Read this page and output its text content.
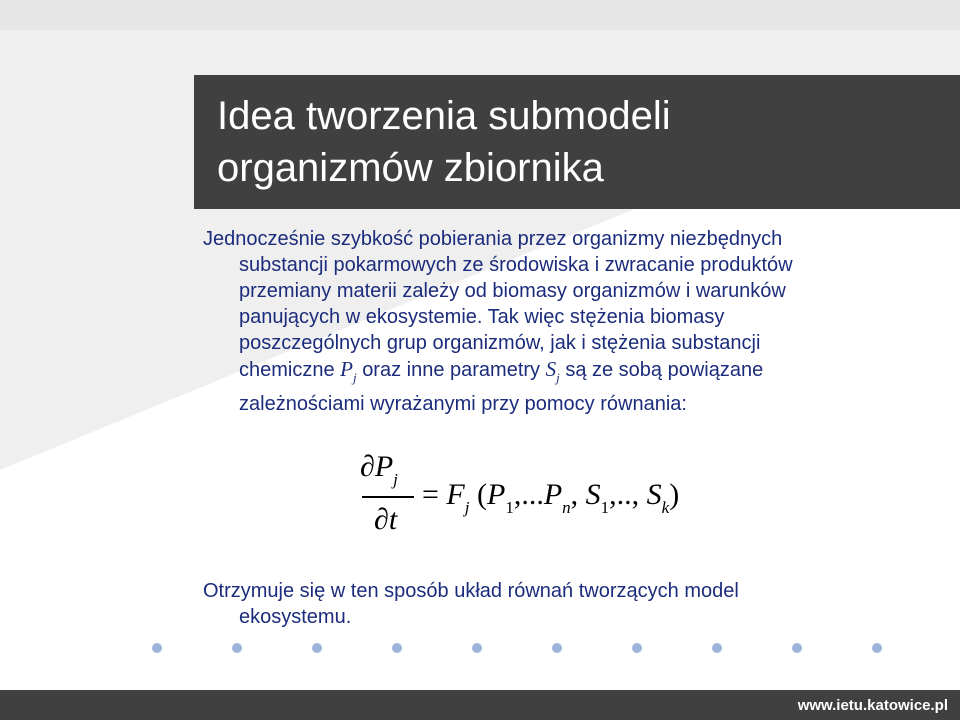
Idea tworzenia submodeli
organizmów zbiornika
Jednocześnie szybkość pobierania przez organizmy niezbędnych
substancji pokarmowych ze środowiska i zwracanie produktów
przemiany materii zależy od biomasy organizmów i warunków
panujących w ekosystemie. Tak więc stężenia biomasy
poszczególnych grup organizmów, jak i stężenia substancji
chemiczne $P_j$ oraz inne parametry $S_j$ są ze sobą powiązane
zależnościami wyrażanymi przy pomocy równania:
$\partial P_j$
∂t
= $F_j$ ($P_1,...P_n$, $S_1$,.., $S_k$)
Otrzymuje się w ten sposób układ równań tworzących model
ekosystemu.
www.ietu.katowice.pl
